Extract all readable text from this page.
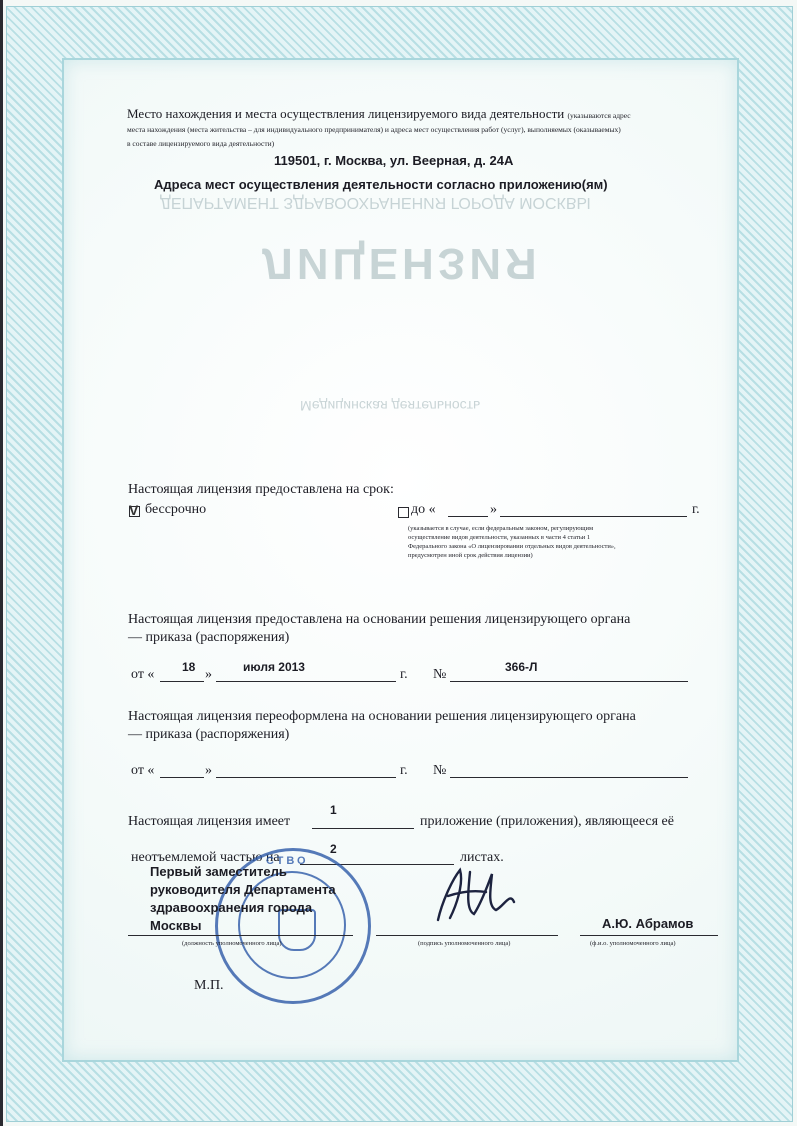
ДЕПАРТАМЕНТ ЗДРАВООХРАНЕНИЯ ГОРОДА МОСКВЫ
ЛИЦЕНЗИЯ
Медицинская деятельность
Место нахождения и места осуществления лицензируемого вида деятельности (указываются адрес
места нахождения (места жительства – для индивидуального предпринимателя) и адреса мест осуществления работ (услуг), выполняемых (оказываемых)
в составе лицензируемого вида деятельности)
119501, г. Москва, ул. Веерная, д. 24А
Адреса мест осуществления деятельности согласно приложению(ям)
Настоящая лицензия предоставлена на срок:
V бессрочно	до «	»	г.
(указывается в случае, если федеральным законом, регулирующим осуществление видов деятельности, указанных в части 4 статьи 1 Федерального закона «О лицензировании отдельных видов деятельности», предусмотрен иной срок действия лицензии)
Настоящая лицензия предоставлена на основании решения лицензирующего органа
— приказа (распоряжения)
от « 18 »	июля 2013	г. №	366-Л
Настоящая лицензия переоформлена на основании решения лицензирующего органа
— приказа (распоряжения)
от «	»	г. №
Настоящая лицензия имеет
1
приложение (приложения), являющееся её
неотъемлемой частью на
2
листах.
СТВО
Первый заместитель
руководителя Департамента
здравоохранения города
Москвы
(должность уполномоченного лица)	(подпись уполномоченного лица)
А.Ю. Абрамов
(ф.и.о. уполномоченного лица)
М.П.
